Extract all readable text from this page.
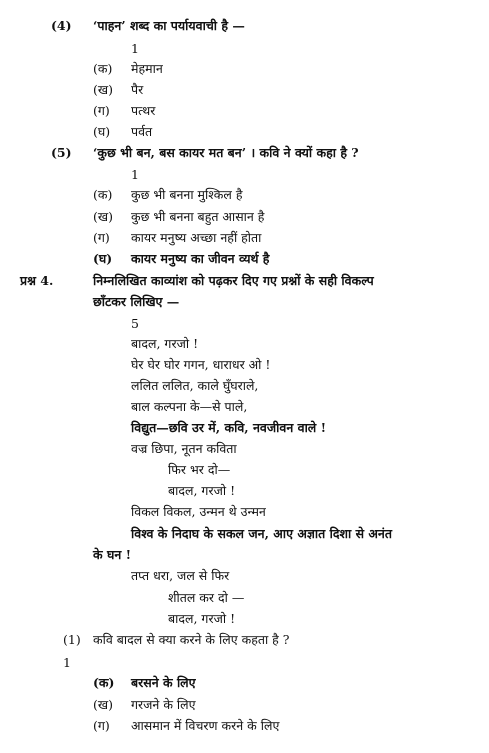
(4) ‘पाहन’ शब्द का पर्यायवाची है —
1
(क) मेहमान
(ख) पैर
(ग) पत्थर
(घ) पर्वत
(5) ‘कुछ भी बन, बस कायर मत बन’ । कवि ने क्यों कहा है ?
1
(क) कुछ भी बनना मुश्किल है
(ख) कुछ भी बनना बहुत आसान है
(ग) कायर मनुष्य अच्छा नहीं होता
(घ) कायर मनुष्य का जीवन व्यर्थ है
प्रश्न 4.	निम्नलिखित काव्यांश को पढ़कर दिए गए प्रश्नों के सही विकल्प
छाँटकर लिखिए —
5
बादल, गरजो !
घेर घेर घोर गगन, धाराधर ओ !
ललित ललित, काले घुँघराले,
बाल कल्पना के—से पाले,
विद्युत—छवि उर में, कवि, नवजीवन वाले !
वज्र छिपा, नूतन कविता
फिर भर दो—
बादल, गरजो !
विकल विकल, उन्मन थे उन्मन
विश्व के निदाघ के सकल जन, आए अज्ञात दिशा से अनंत
के घन !
तप्त धरा, जल से फिर
शीतल कर दो —
बादल, गरजो !
(1) कवि बादल से क्या करने के लिए कहता है ?
1
(क) बरसने के लिए
(ख) गरजने के लिए
(ग) आसमान में विचरण करने के लिए
